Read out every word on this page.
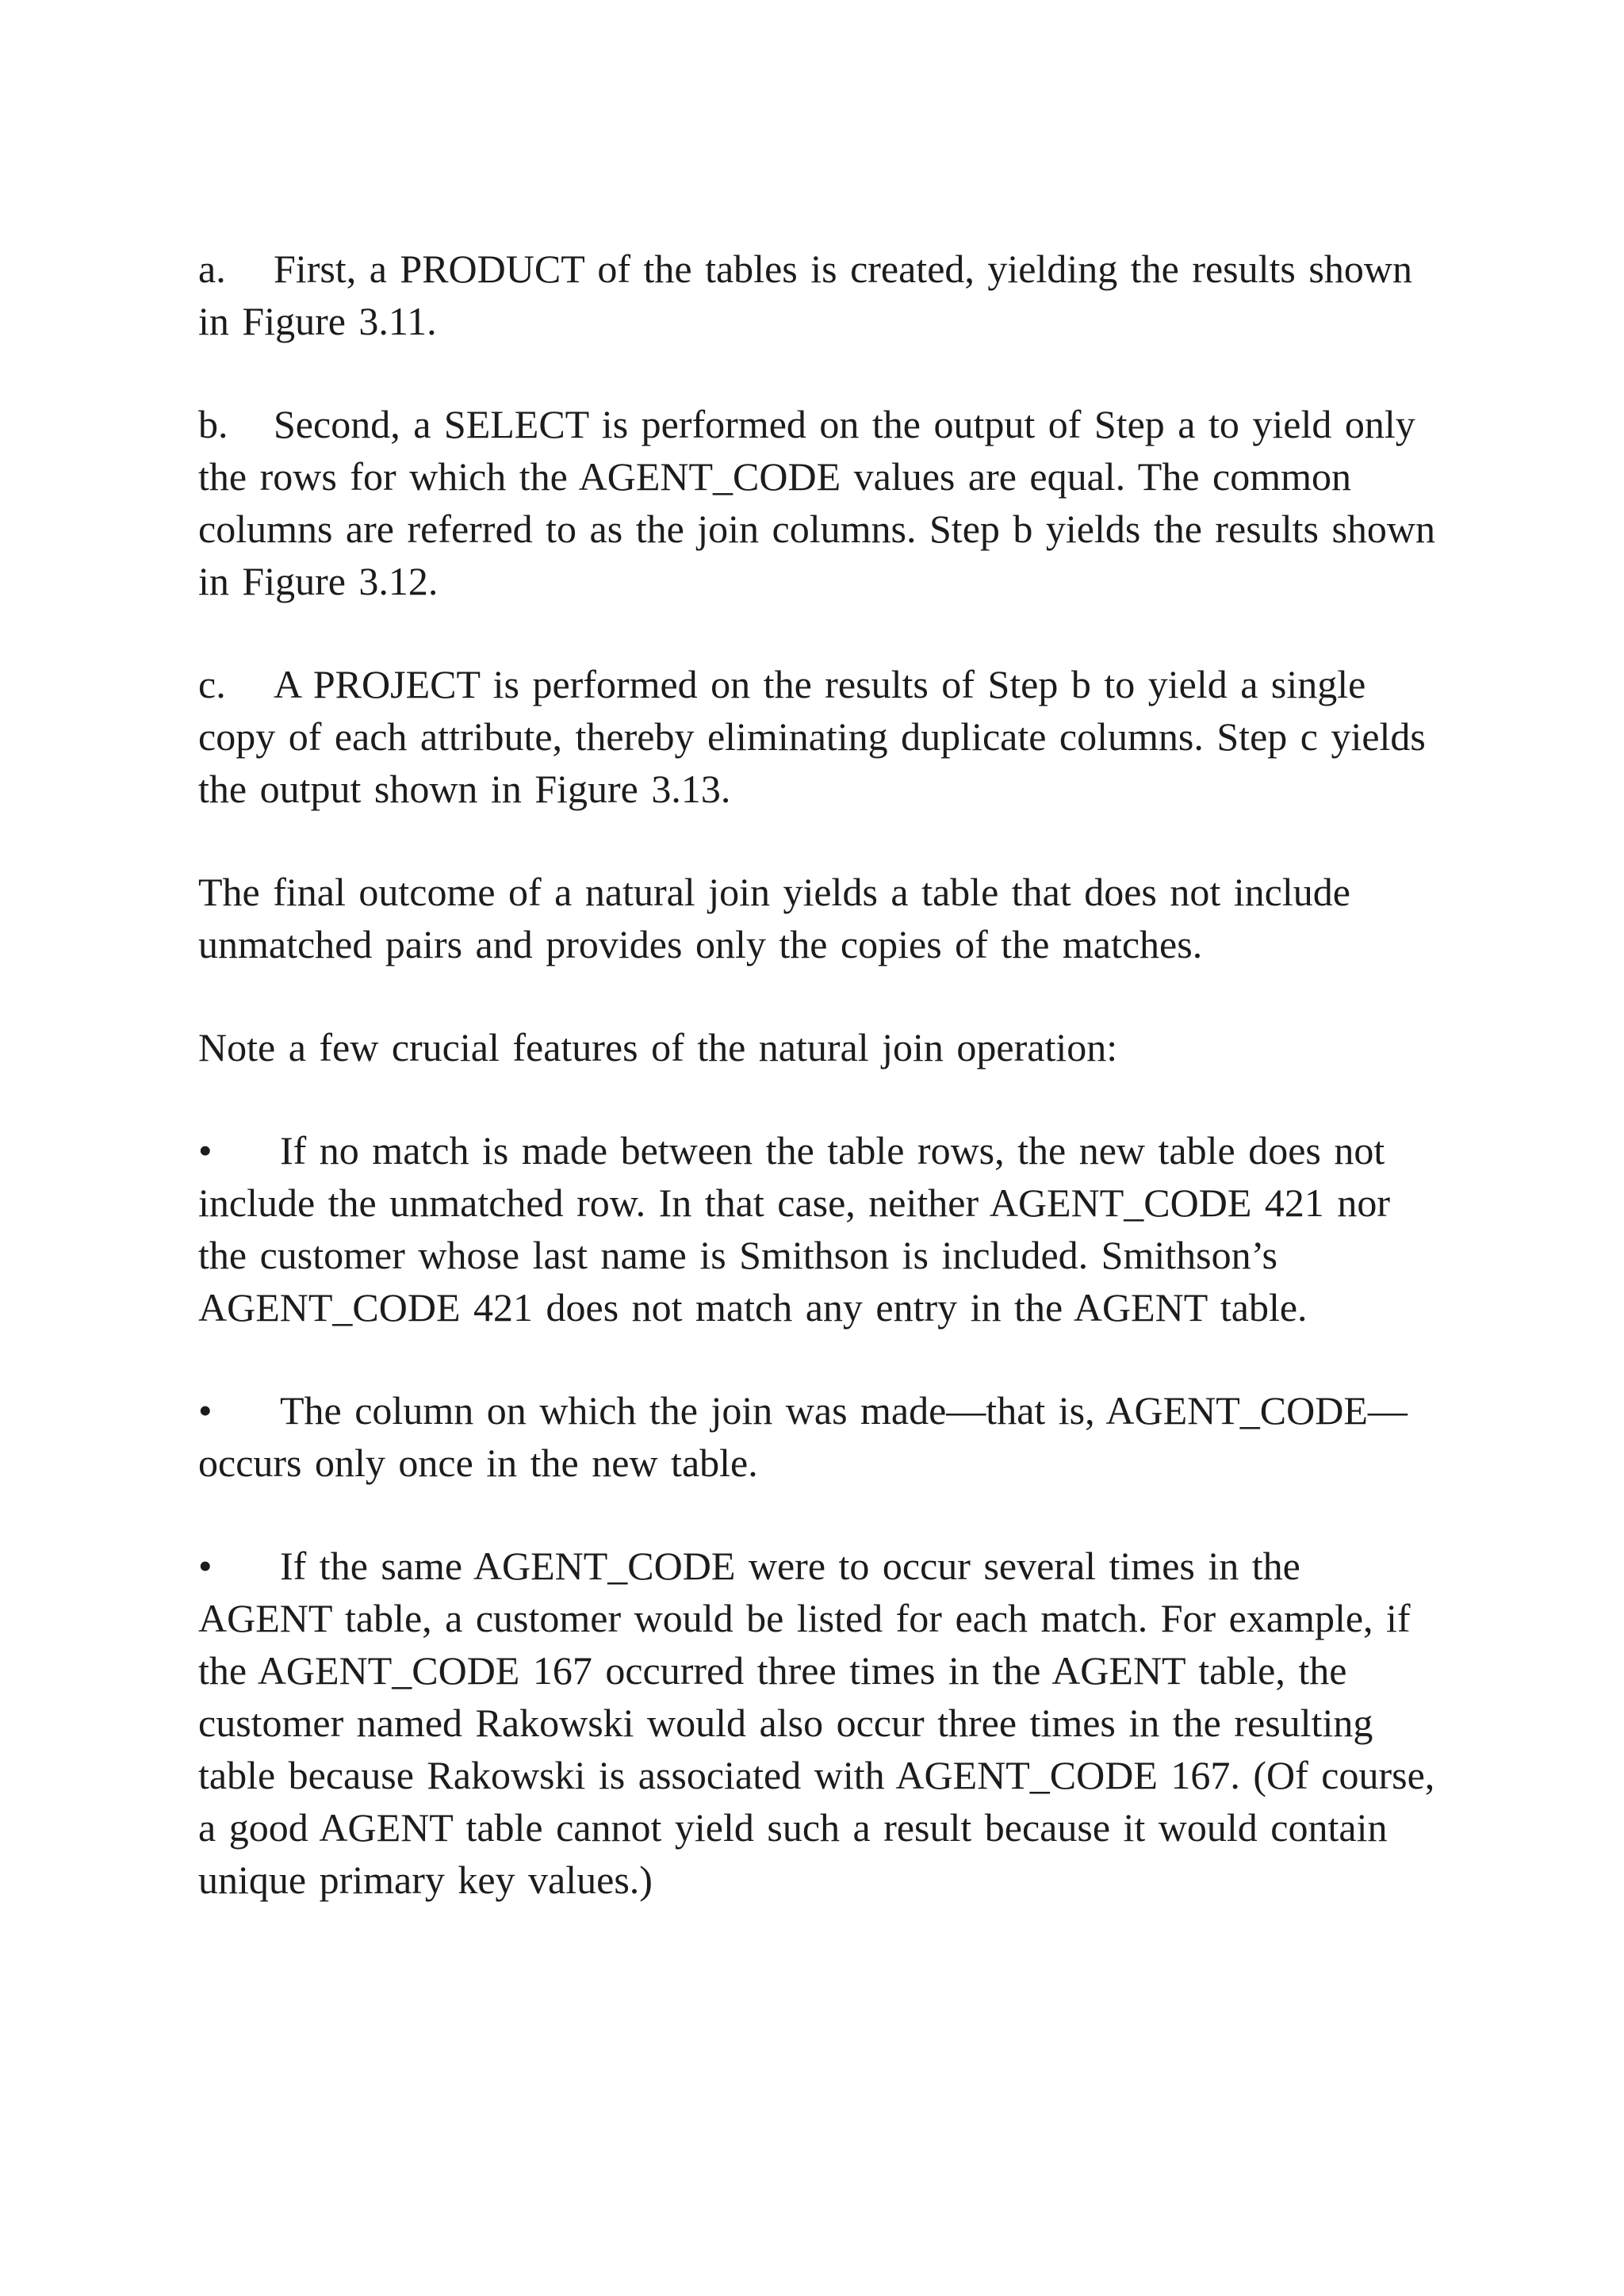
a. First, a PRODUCT of the tables is created, yielding the results shown in Figure 3.11.

b. Second, a SELECT is performed on the output of Step a to yield only the rows for which the AGENT_CODE values are equal. The common columns are referred to as the join columns. Step b yields the results shown in Figure 3.12.

c. A PROJECT is performed on the results of Step b to yield a single copy of each attribute, thereby eliminating duplicate columns. Step c yields the output shown in Figure 3.13.

The final outcome of a natural join yields a table that does not include unmatched pairs and provides only the copies of the matches.

Note a few crucial features of the natural join operation:

• If no match is made between the table rows, the new table does not include the unmatched row. In that case, neither AGENT_CODE 421 nor the customer whose last name is Smithson is included. Smithson’s AGENT_CODE 421 does not match any entry in the AGENT table.

• The column on which the join was made—that is, AGENT_CODE—occurs only once in the new table.

• If the same AGENT_CODE were to occur several times in the AGENT table, a customer would be listed for each match. For example, if the AGENT_CODE 167 occurred three times in the AGENT table, the customer named Rakowski would also occur three times in the resulting table because Rakowski is associated with AGENT_CODE 167. (Of course, a good AGENT table cannot yield such a result because it would contain unique primary key values.)
